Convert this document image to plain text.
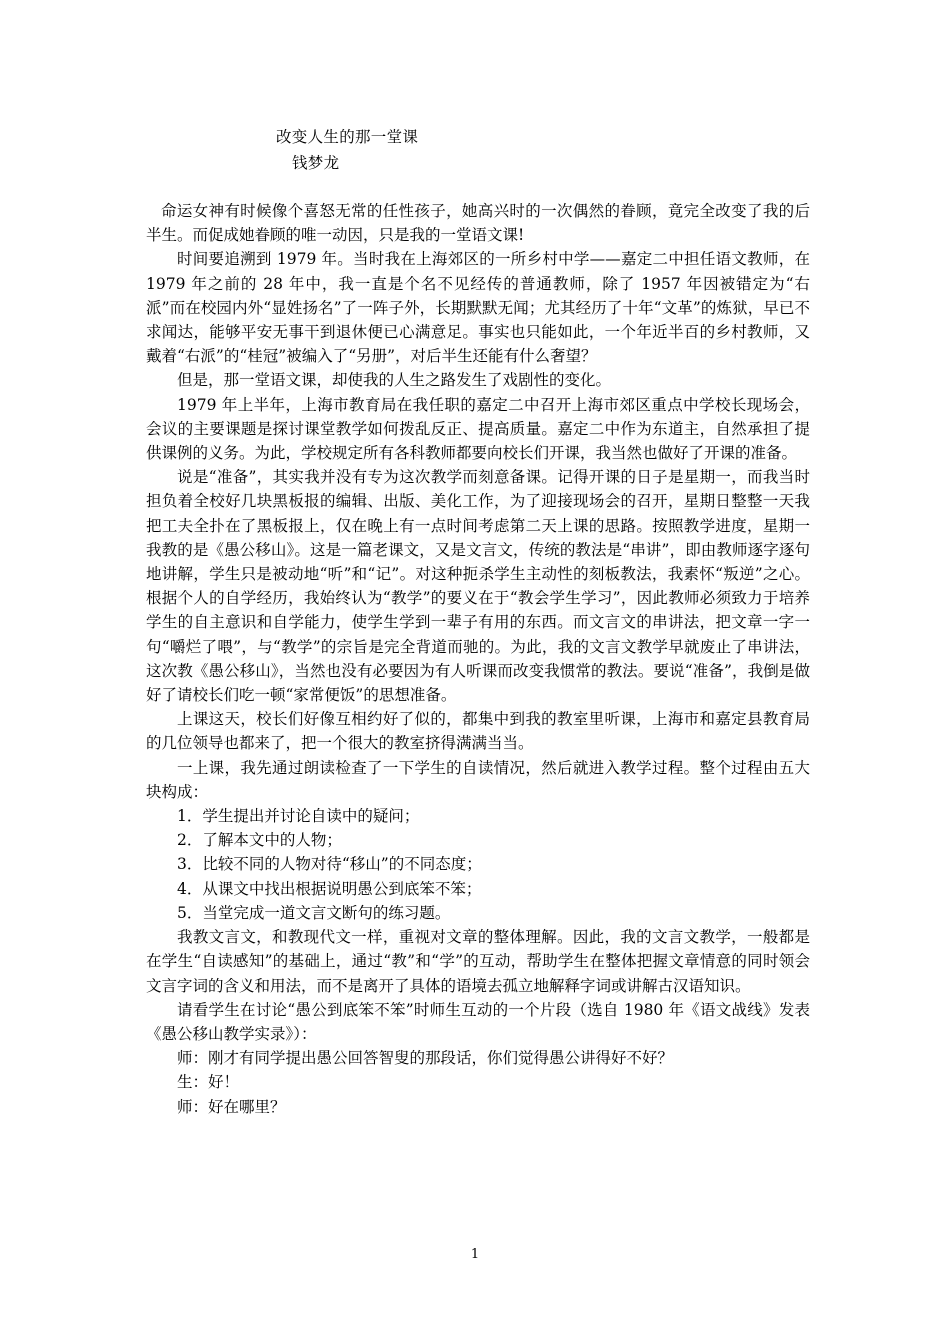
改变人生的那一堂课
钱梦龙

命运女神有时候像个喜怒无常的任性孩子，她高兴时的一次偶然的眷顾，竟完全改变了我的后半生。而促成她眷顾的唯一动因，只是我的一堂语文课!

时间要追溯到 1979 年。当时我在上海郊区的一所乡村中学——嘉定二中担任语文教师，在 1979 年之前的 28 年中，我一直是个名不见经传的普通教师，除了 1957 年因被错定为“右派”而在校园内外“显姓扬名”了一阵子外，长期默默无闻；尤其经历了十年“文革”的炼狱，早已不求闻达，能够平安无事干到退休便已心满意足。事实也只能如此，一个年近半百的乡村教师，又戴着“右派”的“桂冠”被编入了“另册”，对后半生还能有什么奢望？

但是，那一堂语文课，却使我的人生之路发生了戏剧性的变化。

1979 年上半年，上海市教育局在我任职的嘉定二中召开上海市郊区重点中学校长现场会，会议的主要课题是探讨课堂教学如何拨乱反正、提高质量。嘉定二中作为东道主，自然承担了提供课例的义务。为此，学校规定所有各科教师都要向校长们开课，我当然也做好了开课的准备。

说是“准备”，其实我并没有专为这次教学而刻意备课。记得开课的日子是星期一，而我当时担负着全校好几块黑板报的编辑、出版、美化工作，为了迎接现场会的召开，星期日整整一天我把工夫全扑在了黑板报上，仅在晚上有一点时间考虑第二天上课的思路。按照教学进度，星期一我教的是《愚公移山》。这是一篇老课文，又是文言文，传统的教法是“串讲”，即由教师逐字逐句地讲解，学生只是被动地“听”和“记”。对这种扼杀学生主动性的刻板教法，我素怀“叛逆”之心。根据个人的自学经历，我始终认为“教学”的要义在于“教会学生学习”，因此教师必须致力于培养学生的自主意识和自学能力，使学生学到一辈子有用的东西。而文言文的串讲法，把文章一字一句“嚼烂了喂”，与“教学”的宗旨是完全背道而驰的。为此，我的文言文教学早就废止了串讲法，这次教《愚公移山》，当然也没有必要因为有人听课而改变我惯常的教法。要说“准备”，我倒是做好了请校长们吃一顿“家常便饭”的思想准备。

上课这天，校长们好像互相约好了似的，都集中到我的教室里听课，上海市和嘉定县教育局的几位领导也都来了，把一个很大的教室挤得满满当当。

一上课，我先通过朗读检查了一下学生的自读情况，然后就进入教学过程。整个过程由五大块构成：

1．学生提出并讨论自读中的疑问；

2．了解本文中的人物；

3．比较不同的人物对待“移山”的不同态度；

4．从课文中找出根据说明愚公到底笨不笨；

5．当堂完成一道文言文断句的练习题。

我教文言文，和教现代文一样，重视对文章的整体理解。因此，我的文言文教学，一般都是在学生“自读感知”的基础上，通过“教”和“学”的互动，帮助学生在整体把握文章情意的同时领会文言字词的含义和用法，而不是离开了具体的语境去孤立地解释字词或讲解古汉语知识。

请看学生在讨论“愚公到底笨不笨”时师生互动的一个片段（选自 1980 年《语文战线》发表《愚公移山教学实录》）：

师：刚才有同学提出愚公回答智叟的那段话，你们觉得愚公讲得好不好？

生：好！

师：好在哪里？

1
